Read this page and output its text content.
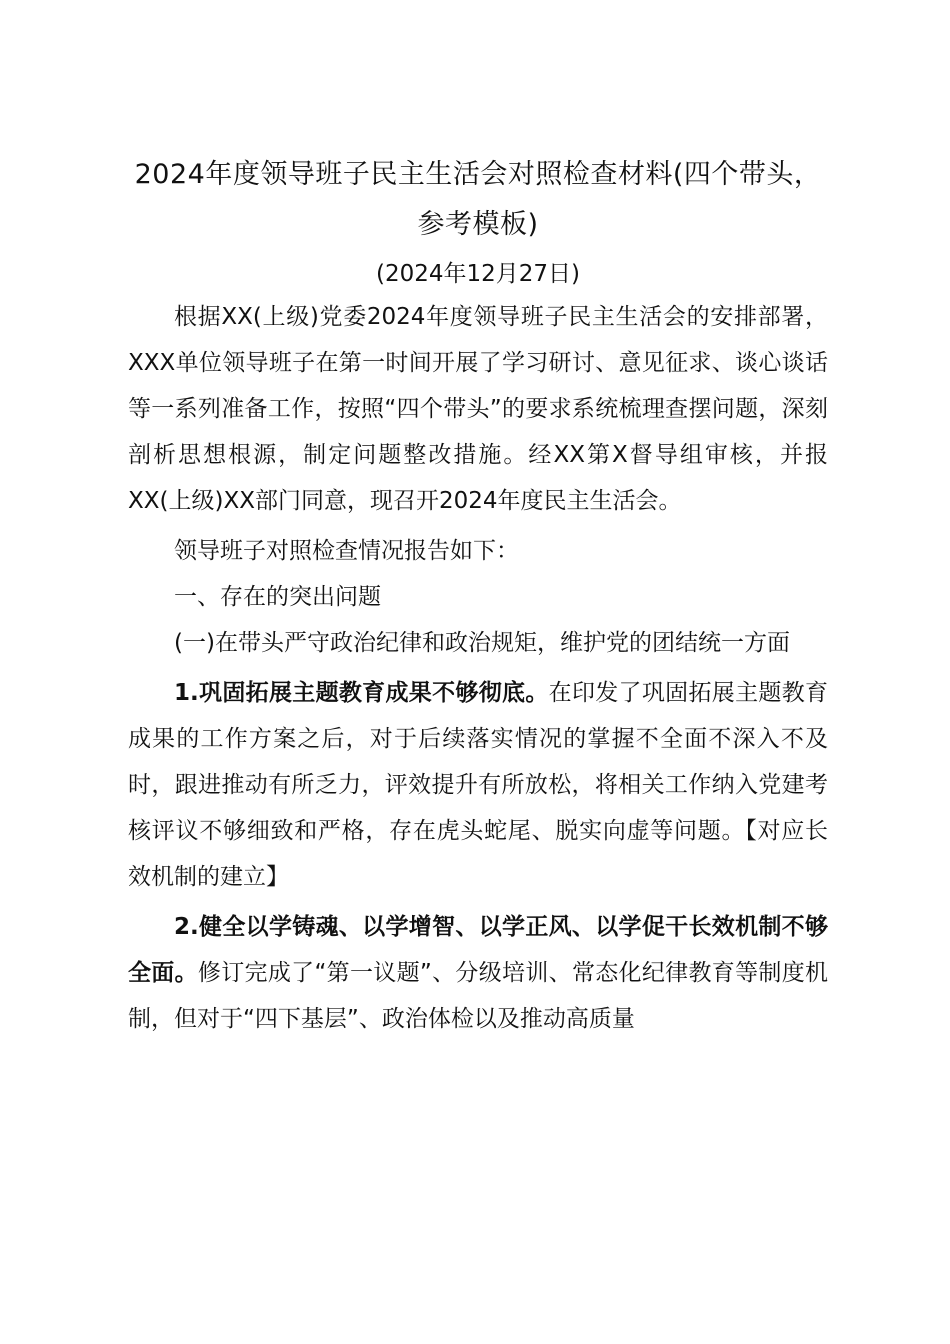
2024年度领导班子民主生活会对照检查材料(四个带头，参考模板)

(2024年12月27日)

根据XX(上级)党委2024年度领导班子民主生活会的安排部署，XXX单位领导班子在第一时间开展了学习研讨、意见征求、谈心谈话等一系列准备工作，按照“四个带头”的要求系统梳理查摆问题，深刻剖析思想根源，制定问题整改措施。经XX第X督导组审核，并报XX(上级)XX部门同意，现召开2024年度民主生活会。

领导班子对照检查情况报告如下：

一、存在的突出问题

(一)在带头严守政治纪律和政治规矩，维护党的团结统一方面

1.巩固拓展主题教育成果不够彻底。在印发了巩固拓展主题教育成果的工作方案之后，对于后续落实情况的掌握不全面不深入不及时，跟进推动有所乏力，评效提升有所放松，将相关工作纳入党建考核评议不够细致和严格，存在虎头蛇尾、脱实向虚等问题。【对应长效机制的建立】

2.健全以学铸魂、以学增智、以学正风、以学促干长效机制不够全面。修订完成了“第一议题”、分级培训、常态化纪律教育等制度机制，但对于“四下基层”、政治体检以及推动高质量
